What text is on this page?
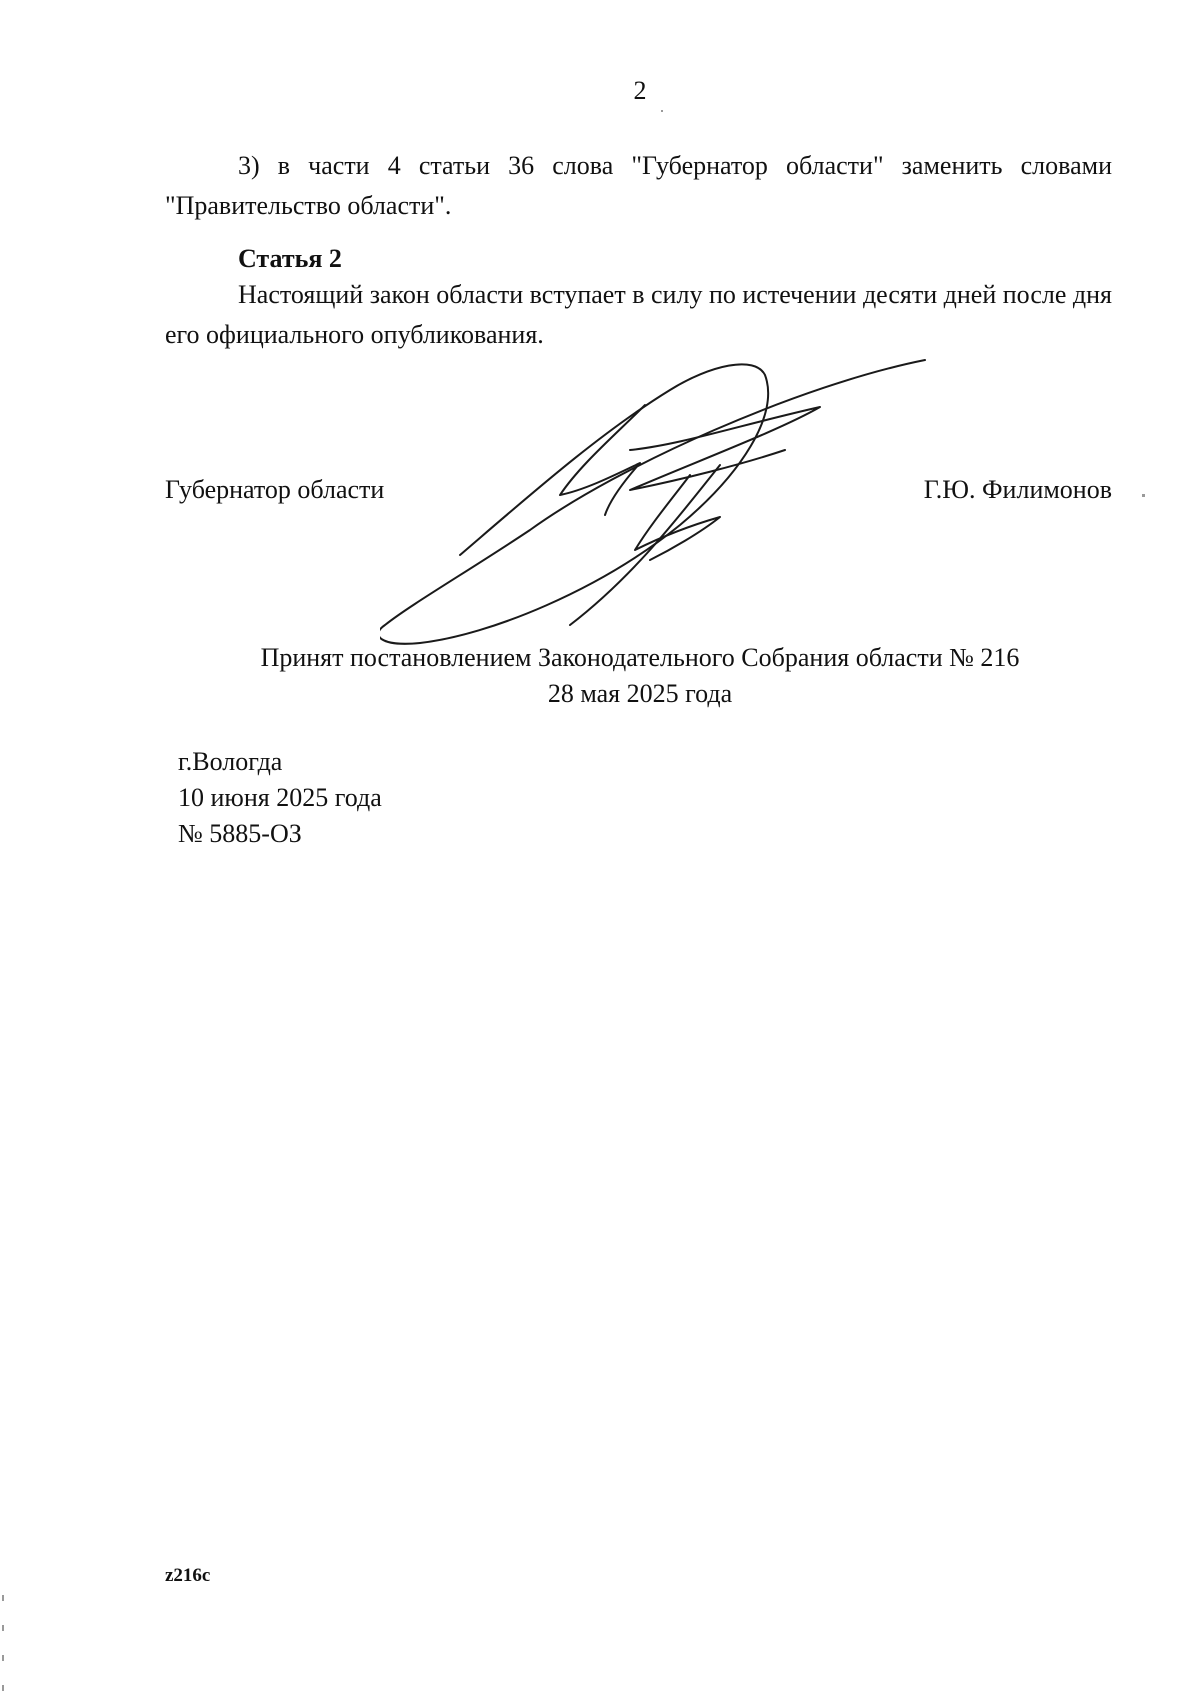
2

3) в части 4 статьи 36 слова "Губернатор области" заменить словами "Правительство области".

Статья 2

Настоящий закон области вступает в силу по истечении десяти дней после дня его официального опубликования.

Губернатор области	Г.Ю. Филимонов
Принят постановлением Законодательного Собрания области № 216
28 мая 2025 года
г.Вологда
10 июня 2025 года
№ 5885-ОЗ
z216c
